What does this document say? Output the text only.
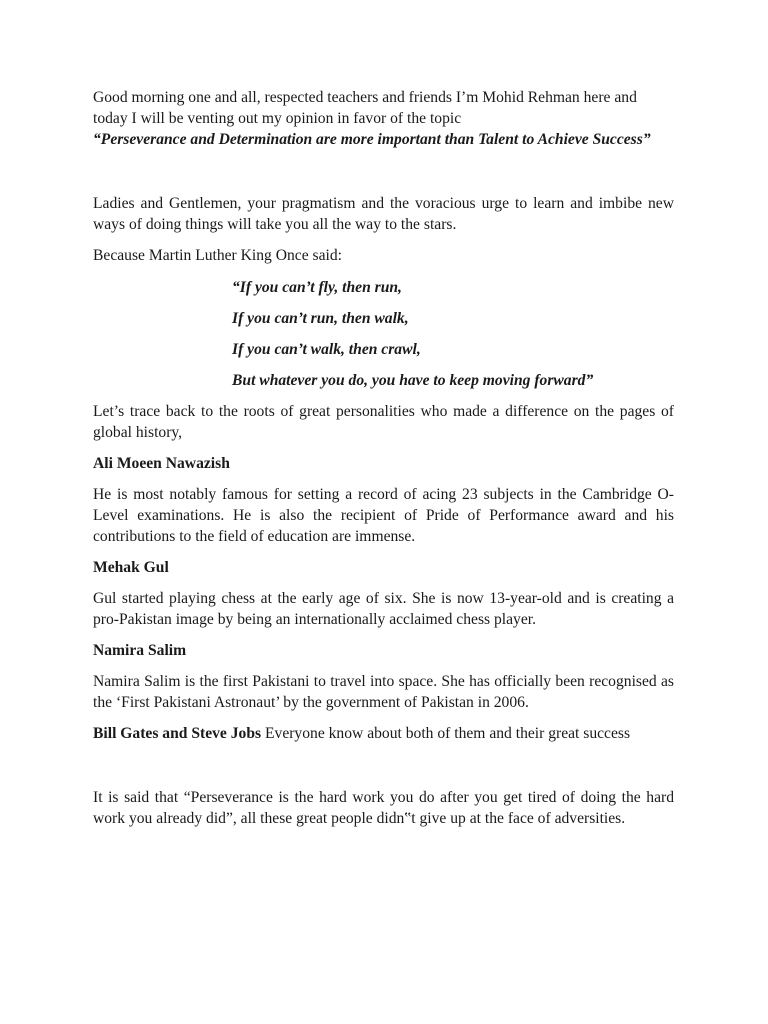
Good morning one and all, respected teachers and friends I’m Mohid Rehman here and today I will be venting out my opinion in favor of the topic
“Perseverance and Determination are more important than Talent to Achieve Success”

Ladies and Gentlemen, your pragmatism and the voracious urge to learn and imbibe new ways of doing things will take you all the way to the stars.

Because Martin Luther King Once said:

“If you can’t fly, then run,

If you can’t run, then walk,

If you can’t walk, then crawl,

But whatever you do, you have to keep moving forward”

Let’s trace back to the roots of great personalities who made a difference on the pages of global history,

Ali Moeen Nawazish

He is most notably famous for setting a record of acing 23 subjects in the Cambridge O-Level examinations. He is also the recipient of Pride of Performance award and his contributions to the field of education are immense.

Mehak Gul

Gul started playing chess at the early age of six. She is now 13-year-old and is creating a pro-Pakistan image by being an internationally acclaimed chess player.

Namira Salim

Namira Salim is the first Pakistani to travel into space. She has officially been recognised as the ‘First Pakistani Astronaut’ by the government of Pakistan in 2006.

Bill Gates and Steve Jobs Everyone know about both of them and their great success

It is said that “Perseverance is the hard work you do after you get tired of doing the hard work you already did”, all these great people didn‟t give up at the face of adversities.
